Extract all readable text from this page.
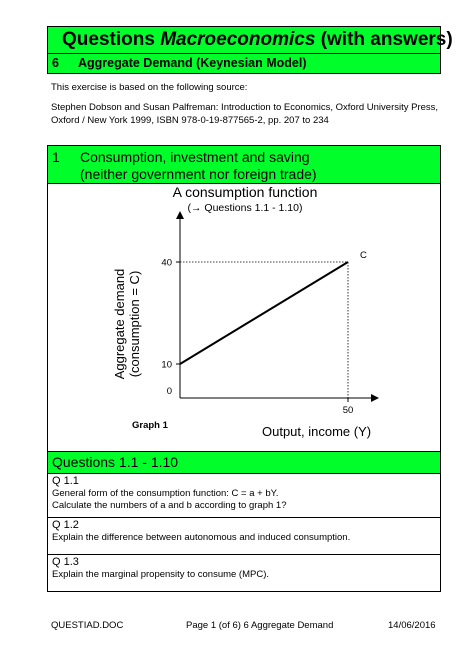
Questions Macroeconomics (with answers)
6 Aggregate Demand (Keynesian Model)
This exercise is based on the following source:
Stephen Dobson and Susan Palfreman: Introduction to Economics, Oxford University Press,
Oxford / New York 1999, ISBN 978-0-19-877565-2, pp. 207 to 234
1 Consumption, investment and saving
(neither government nor foreign trade)
A consumption function
(→ Questions 1.1 - 1.10)
Aggregate demand (consumption = C) 10
40
50
0
C
Graph 1	Output, income (Y)
Questions 1.1 - 1.10
Q 1.1
General form of the consumption function: C = a + bY.
Calculate the numbers of a and b according to graph 1?
Q 1.2
Explain the difference between autonomous and induced consumption.
Q 1.3
Explain the marginal propensity to consume (MPC).
QUESTIAD.DOC	Page 1 (of 6) 6 Aggregate Demand	14/06/2016
